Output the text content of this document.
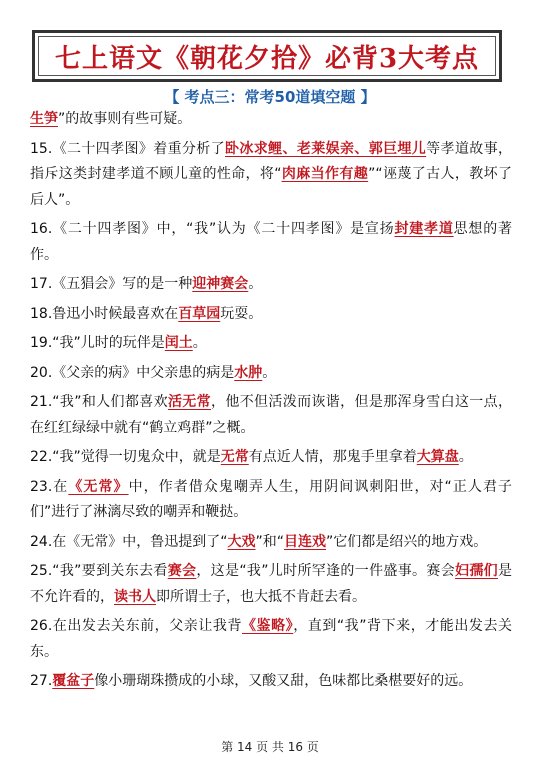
七上语文《朝花夕拾》必背3大考点
【 考点三：常考50道填空题 】

生笋”的故事则有些可疑。

15.《二十四孝图》着重分析了卧冰求鲤、老莱娱亲、郭巨埋儿等孝道故事，指斥这类封建孝道不顾儿童的性命，将“肉麻当作有趣”“诬蔑了古人，教坏了后人”。

16.《二十四孝图》中，“我”认为《二十四孝图》是宣扬封建孝道思想的著作。

17.《五猖会》写的是一种迎神赛会。

18.鲁迅小时候最喜欢在百草园玩耍。

19.“我”儿时的玩伴是闰土。

20.《父亲的病》中父亲患的病是水肿。

21.“我”和人们都喜欢活无常，他不但活泼而诙谐，但是那浑身雪白这一点，在红红绿绿中就有“鹤立鸡群”之概。

22.“我”觉得一切鬼众中，就是无常有点近人情，那鬼手里拿着大算盘。

23.在《无常》中，作者借众鬼嘲弄人生，用阴间讽刺阳世，对“正人君子们”进行了淋漓尽致的嘲弄和鞭挞。

24.在《无常》中，鲁迅提到了“大戏”和“目连戏”它们都是绍兴的地方戏。

25.“我”要到关东去看赛会，这是“我”儿时所罕逢的一件盛事。赛会妇孺们是不允许看的，读书人即所谓士子，也大抵不肯赶去看。

26.在出发去关东前，父亲让我背《鉴略》，直到“我”背下来，才能出发去关东。

27.覆盆子像小珊瑚珠攒成的小球，又酸又甜，色味都比桑椹要好的远。

第 14 页 共 16 页
